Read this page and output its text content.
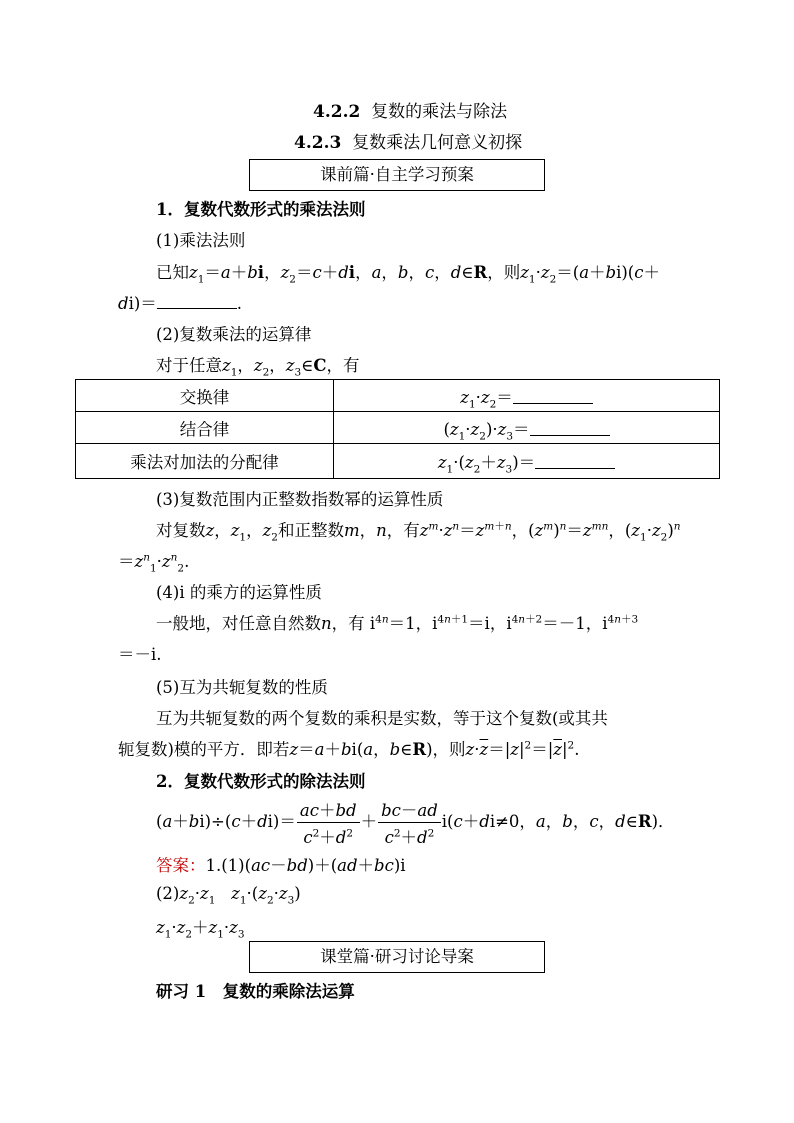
4.2.2 复数的乘法与除法
4.2.3 复数乘法几何意义初探
课前篇·自主学习预案
1．复数代数形式的乘法法则
(1)乘法法则
已知$z_1=a+bi$，$z_2=c+di$，a，b，c，d∈R，则$z_1\cdot z_2=(a+bi)(c+$
di)＝	.
(2)复数乘法的运算律
对于任意$z_1$，$z_2$，$z_3\in C$，有
交换律	$z_1\cdot z_2=$
结合律	$(z_1\cdot z_2)\cdot z_3=$
乘法对加法的分配律	$z_1\cdot(z_2+z_3)=$
(3)复数范围内正整数指数幂的运算性质
对复数z，$z_1$，$z_2$和正整数m，n，有$z^m\cdot z^n=z^{m+n}$，$(z^m)^n=z^{mn}$，$(z_1\cdot z_2)^n$
$=z^n_1\cdot z^n_2$.
(4)i 的乘方的运算性质
一般地，对任意自然数n，有 $i^{4n}=1$，$i^{4n+1}=i$，$i^{4n+2}=-1$，$i^{4n+3}$
＝－i.
(5)互为共轭复数的性质
互为共轭复数的两个复数的乘积是实数，等于这个复数(或其共
轭复数)模的平方．即若z＝a＋bi(a，b∈R)，则$z\cdot\overline{z}=|z|^2=|\overline{z}|^2$.
2．复数代数形式的除法法则
$(a+bi)\div(c+di)= \frac{ac+bd}{c^2+d^2} + \frac{bc-ad}{c^2+d^2} i(c+di\ne 0$，a，b，c，d∈R)．
答案：1.(1)(ac－bd)＋(ad＋bc)i
$(2)z_2\cdot z_1$ $z_1\cdot(z_2\cdot z_3)$
$z_1\cdot z_2+z_1\cdot z_3$
课堂篇·研习讨论导案
研习 1　复数的乘除法运算
